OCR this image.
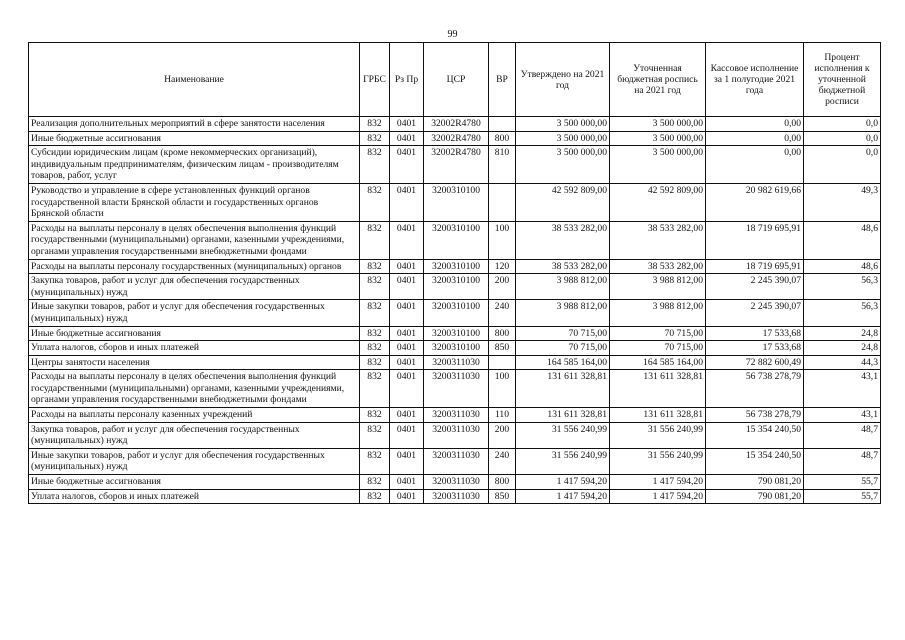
99
Наименование	ГРБС	Рз Пр	ЦСР	ВР	Утверждено на 2021 год	Уточненная бюджетная роспись на 2021 год	Кассовое исполнение за 1 полугодие 2021 года	Процент исполнения к уточненной бюджетной росписи
Реализация дополнительных мероприятий в сфере занятости населения	832	0401	32002R4780		3 500 000,00	3 500 000,00	0,00	0,0
Иные бюджетные ассигнования	832	0401	32002R4780	800	3 500 000,00	3 500 000,00	0,00	0,0
Субсидии юридическим лицам (кроме некоммерческих организаций), индивидуальным предпринимателям, физическим лицам - производителям товаров, работ, услуг	832	0401	32002R4780	810	3 500 000,00	3 500 000,00	0,00	0,0
Руководство и управление в сфере установленных функций органов государственной власти Брянской области и государственных органов Брянской области	832	0401	3200310100		42 592 809,00	42 592 809,00	20 982 619,66	49,3
Расходы на выплаты персоналу в целях обеспечения выполнения функций государственными (муниципальными) органами, казенными учреждениями, органами управления государственными внебюджетными фондами	832	0401	3200310100	100	38 533 282,00	38 533 282,00	18 719 695,91	48,6
Расходы на выплаты персоналу государственных (муниципальных) органов	832	0401	3200310100	120	38 533 282,00	38 533 282,00	18 719 695,91	48,6
Закупка товаров, работ и услуг для обеспечения государственных (муниципальных) нужд	832	0401	3200310100	200	3 988 812,00	3 988 812,00	2 245 390,07	56,3
Иные закупки товаров, работ и услуг для обеспечения государственных (муниципальных) нужд	832	0401	3200310100	240	3 988 812,00	3 988 812,00	2 245 390,07	56,3
Иные бюджетные ассигнования	832	0401	3200310100	800	70 715,00	70 715,00	17 533,68	24,8
Уплата налогов, сборов и иных платежей	832	0401	3200310100	850	70 715,00	70 715,00	17 533,68	24,8
Центры занятости населения	832	0401	3200311030		164 585 164,00	164 585 164,00	72 882 600,49	44,3
Расходы на выплаты персоналу в целях обеспечения выполнения функций государственными (муниципальными) органами, казенными учреждениями, органами управления государственными внебюджетными фондами	832	0401	3200311030	100	131 611 328,81	131 611 328,81	56 738 278,79	43,1
Расходы на выплаты персоналу казенных учреждений	832	0401	3200311030	110	131 611 328,81	131 611 328,81	56 738 278,79	43,1
Закупка товаров, работ и услуг для обеспечения государственных (муниципальных) нужд	832	0401	3200311030	200	31 556 240,99	31 556 240,99	15 354 240,50	48,7
Иные закупки товаров, работ и услуг для обеспечения государственных (муниципальных) нужд	832	0401	3200311030	240	31 556 240,99	31 556 240,99	15 354 240,50	48,7
Иные бюджетные ассигнования	832	0401	3200311030	800	1 417 594,20	1 417 594,20	790 081,20	55,7
Уплата налогов, сборов и иных платежей	832	0401	3200311030	850	1 417 594,20	1 417 594,20	790 081,20	55,7
